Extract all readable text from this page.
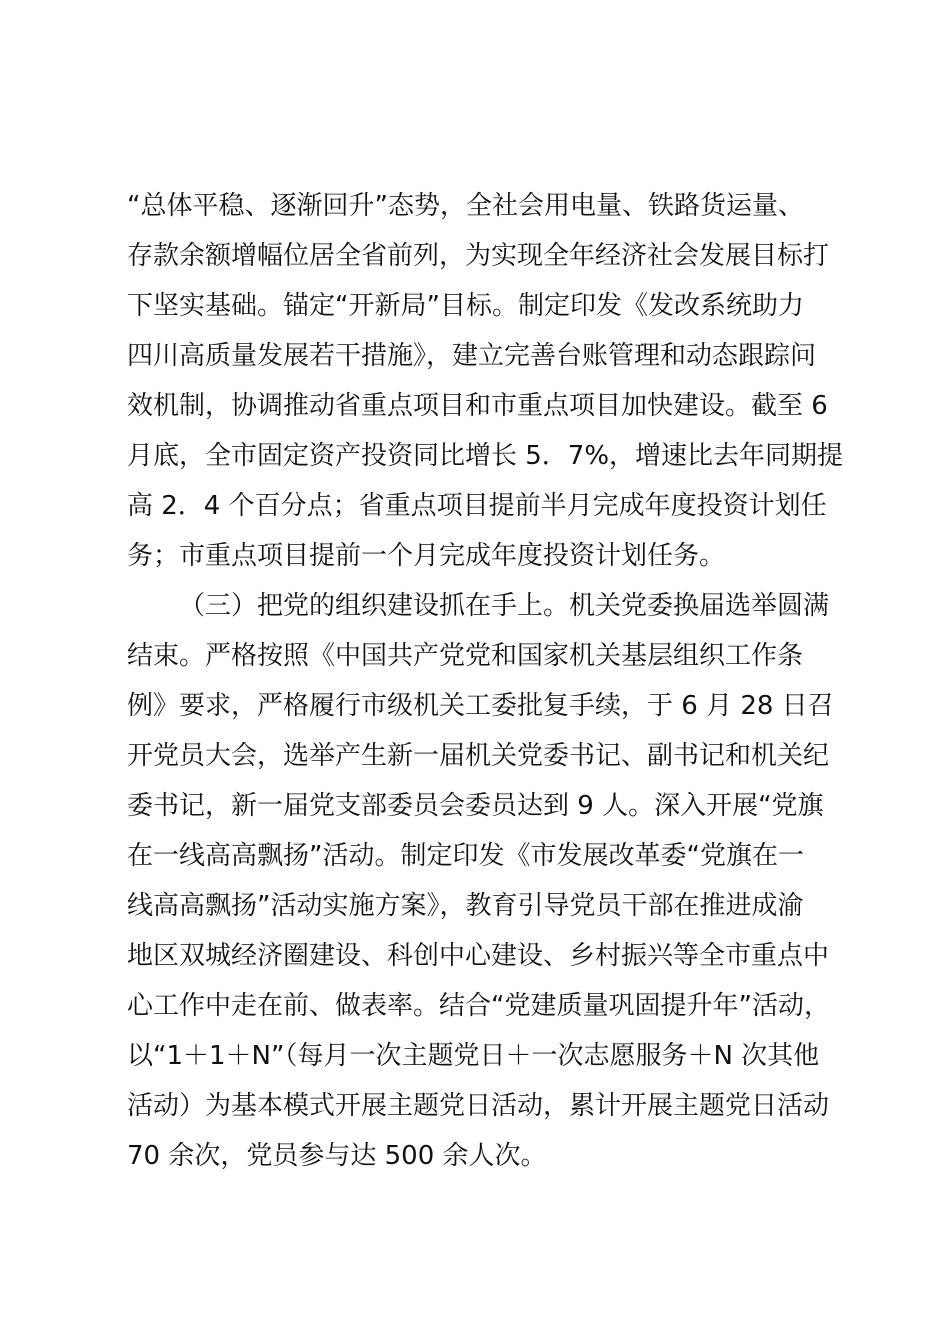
“总体平稳、逐渐回升”态势，全社会用电量、铁路货运量、
存款余额增幅位居全省前列，为实现全年经济社会发展目标打
下坚实基础。锚定“开新局”目标。制定印发《发改系统助力
四川高质量发展若干措施》，建立完善台账管理和动态跟踪问
效机制，协调推动省重点项目和市重点项目加快建设。截至 6
月底，全市固定资产投资同比增长 5．7%，增速比去年同期提
高 2．4 个百分点；省重点项目提前半月完成年度投资计划任
务；市重点项目提前一个月完成年度投资计划任务。
（三）把党的组织建设抓在手上。机关党委换届选举圆满
结束。严格按照《中国共产党党和国家机关基层组织工作条
例》要求，严格履行市级机关工委批复手续，于 6 月 28 日召
开党员大会，选举产生新一届机关党委书记、副书记和机关纪
委书记，新一届党支部委员会委员达到 9 人。深入开展“党旗
在一线高高飘扬”活动。制定印发《市发展改革委“党旗在一
线高高飘扬”活动实施方案》，教育引导党员干部在推进成渝
地区双城经济圈建设、科创中心建设、乡村振兴等全市重点中
心工作中走在前、做表率。结合“党建质量巩固提升年”活动，
以“1＋1＋N”（每月一次主题党日＋一次志愿服务＋N 次其他
活动）为基本模式开展主题党日活动，累计开展主题党日活动
70 余次，党员参与达 500 余人次。
